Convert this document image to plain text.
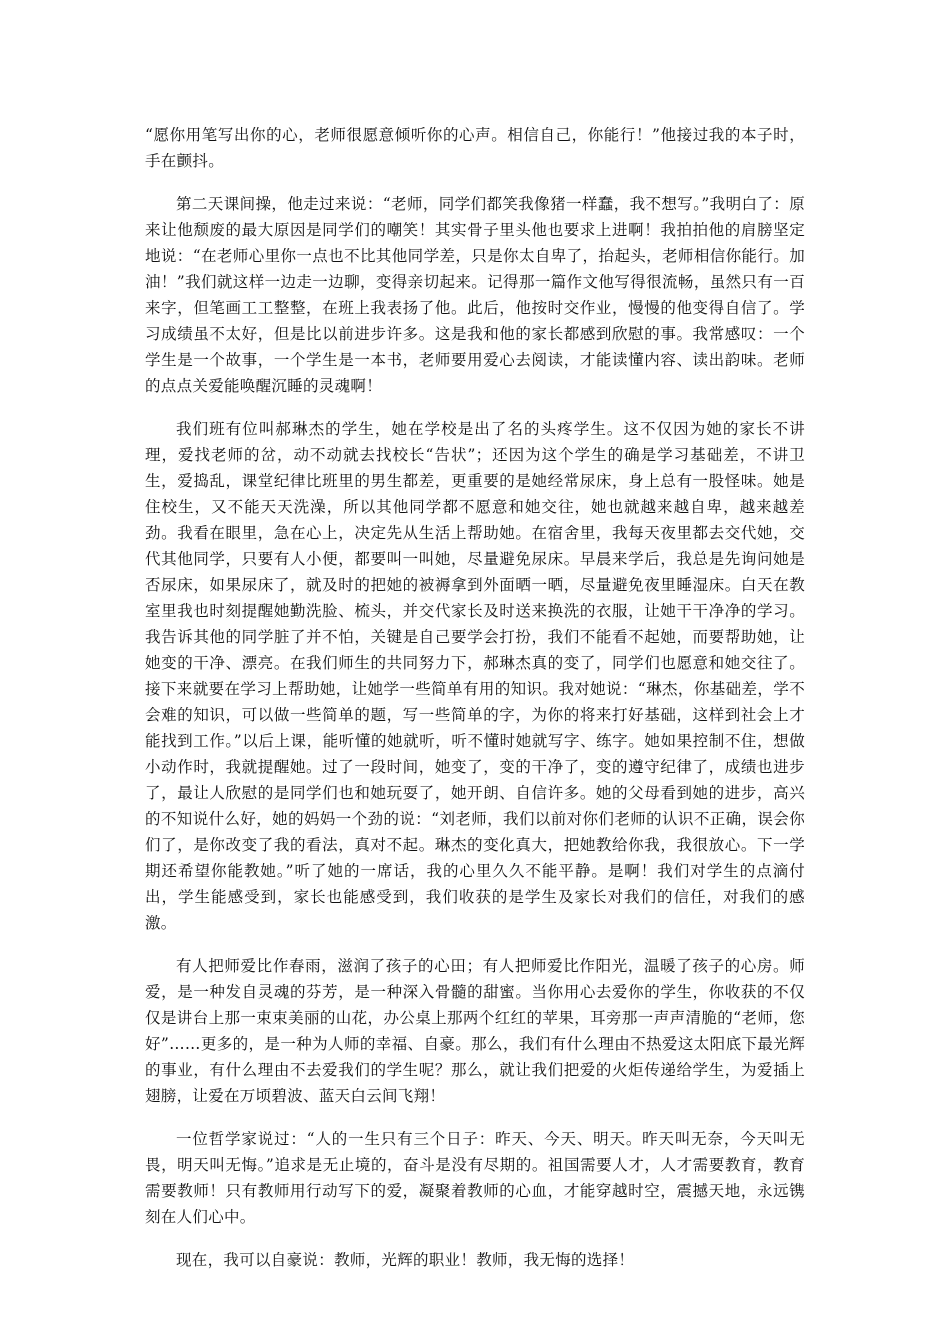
“愿你用笔写出你的心，老师很愿意倾听你的心声。相信自己，你能行！”他接过我的本子时，手在颤抖。

第二天课间操，他走过来说：“老师，同学们都笑我像猪一样蠢，我不想写。”我明白了：原来让他颓废的最大原因是同学们的嘲笑！其实骨子里头他也要求上进啊！我拍拍他的肩膀坚定地说：“在老师心里你一点也不比其他同学差，只是你太自卑了，抬起头，老师相信你能行。加油！”我们就这样一边走一边聊，变得亲切起来。记得那一篇作文他写得很流畅，虽然只有一百来字，但笔画工工整整，在班上我表扬了他。此后，他按时交作业，慢慢的他变得自信了。学习成绩虽不太好，但是比以前进步许多。这是我和他的家长都感到欣慰的事。我常感叹：一个学生是一个故事，一个学生是一本书，老师要用爱心去阅读，才能读懂内容、读出韵味。老师的点点关爱能唤醒沉睡的灵魂啊！

我们班有位叫郝琳杰的学生，她在学校是出了名的头疼学生。这不仅因为她的家长不讲理，爱找老师的岔，动不动就去找校长“告状”；还因为这个学生的确是学习基础差，不讲卫生，爱捣乱，课堂纪律比班里的男生都差，更重要的是她经常尿床，身上总有一股怪味。她是住校生，又不能天天洗澡，所以其他同学都不愿意和她交往，她也就越来越自卑，越来越差劲。我看在眼里，急在心上，决定先从生活上帮助她。在宿舍里，我每天夜里都去交代她，交代其他同学，只要有人小便，都要叫一叫她，尽量避免尿床。早晨来学后，我总是先询问她是否尿床，如果尿床了，就及时的把她的被褥拿到外面晒一晒，尽量避免夜里睡湿床。白天在教室里我也时刻提醒她勤洗脸、梳头，并交代家长及时送来换洗的衣服，让她干干净净的学习。我告诉其他的同学脏了并不怕，关键是自己要学会打扮，我们不能看不起她，而要帮助她，让她变的干净、漂亮。在我们师生的共同努力下，郝琳杰真的变了，同学们也愿意和她交往了。接下来就要在学习上帮助她，让她学一些简单有用的知识。我对她说：“琳杰，你基础差，学不会难的知识，可以做一些简单的题，写一些简单的字，为你的将来打好基础，这样到社会上才能找到工作。”以后上课，能听懂的她就听，听不懂时她就写字、练字。她如果控制不住，想做小动作时，我就提醒她。过了一段时间，她变了，变的干净了，变的遵守纪律了，成绩也进步了，最让人欣慰的是同学们也和她玩耍了，她开朗、自信许多。她的父母看到她的进步，高兴的不知说什么好，她的妈妈一个劲的说：“刘老师，我们以前对你们老师的认识不正确，误会你们了，是你改变了我的看法，真对不起。琳杰的变化真大，把她教给你我，我很放心。下一学期还希望你能教她。”听了她的一席话，我的心里久久不能平静。是啊！我们对学生的点滴付出，学生能感受到，家长也能感受到，我们收获的是学生及家长对我们的信任，对我们的感激。

有人把师爱比作春雨，滋润了孩子的心田；有人把师爱比作阳光，温暖了孩子的心房。师爱，是一种发自灵魂的芬芳，是一种深入骨髓的甜蜜。当你用心去爱你的学生，你收获的不仅仅是讲台上那一束束美丽的山花，办公桌上那两个红红的苹果，耳旁那一声声清脆的“老师，您好”……更多的，是一种为人师的幸福、自豪。那么，我们有什么理由不热爱这太阳底下最光辉的事业，有什么理由不去爱我们的学生呢？那么，就让我们把爱的火炬传递给学生，为爱插上翅膀，让爱在万顷碧波、蓝天白云间飞翔！

一位哲学家说过：“人的一生只有三个日子：昨天、今天、明天。昨天叫无奈，今天叫无畏，明天叫无悔。”追求是无止境的，奋斗是没有尽期的。祖国需要人才，人才需要教育，教育需要教师！只有教师用行动写下的爱，凝聚着教师的心血，才能穿越时空，震撼天地，永远镌刻在人们心中。

现在，我可以自豪说：教师，光辉的职业！教师，我无悔的选择！
